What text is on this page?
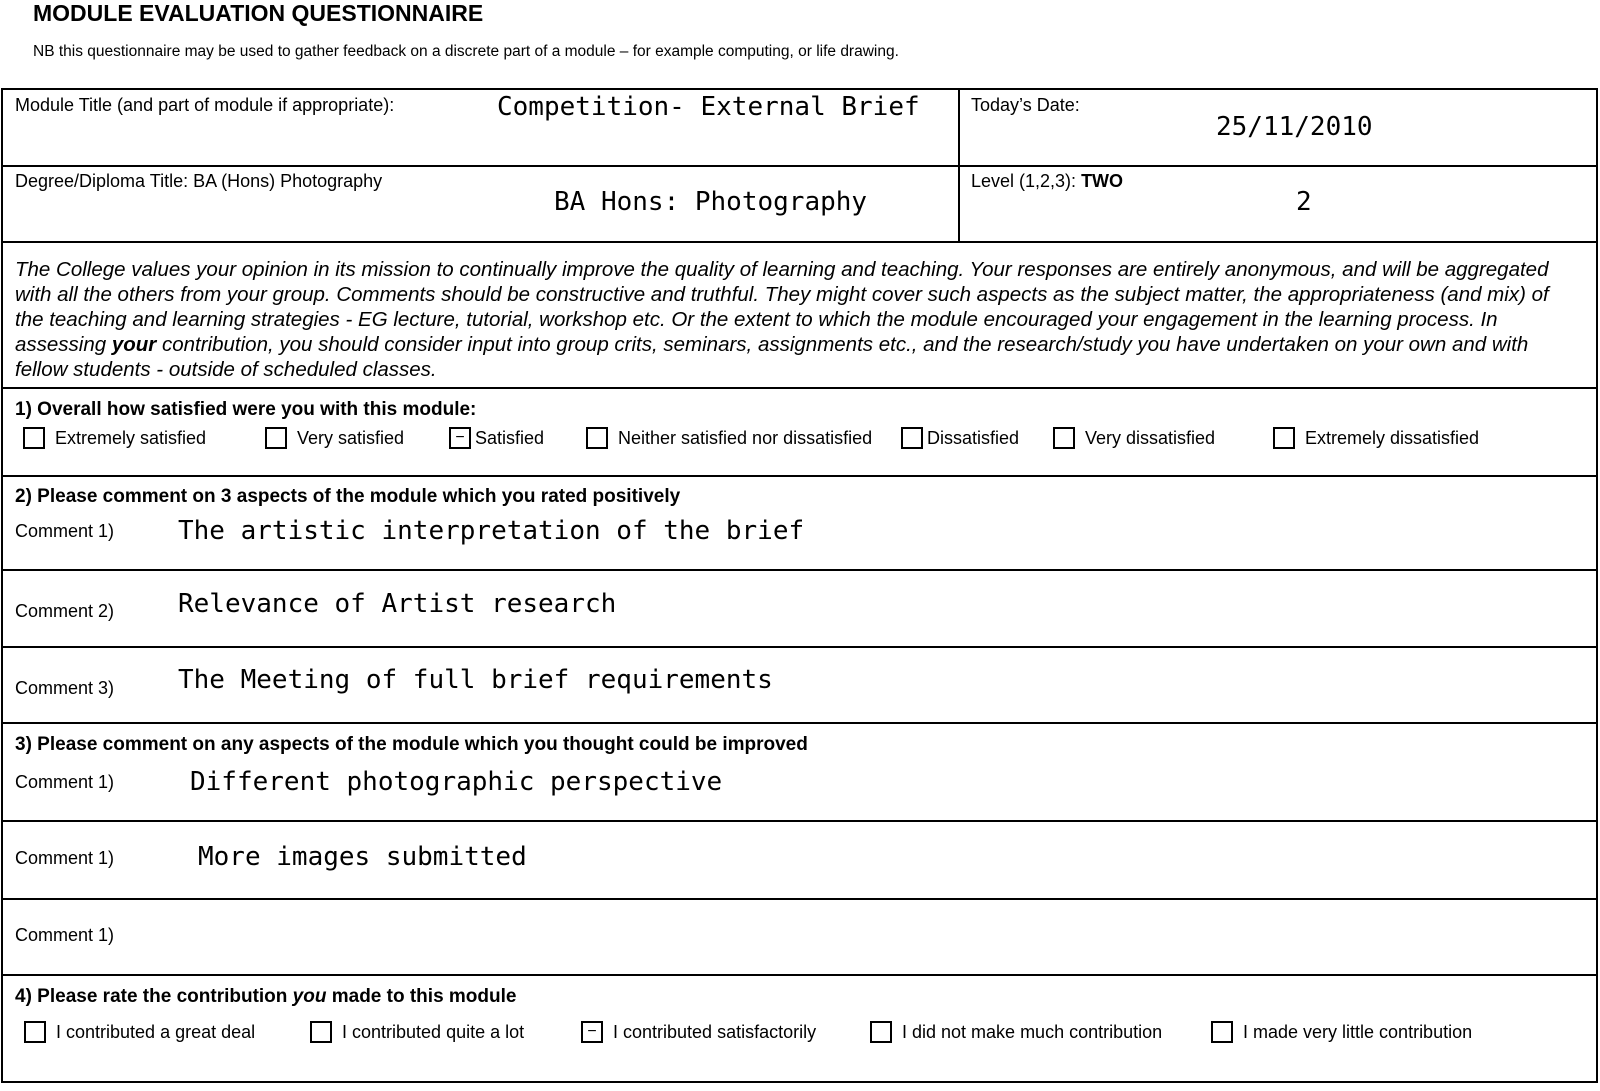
MODULE EVALUATION QUESTIONNAIRE
NB this questionnaire may be used to gather feedback on a discrete part of a module – for example computing, or life drawing.
Module Title (and part of module if appropriate):	Competition- External Brief	Today’s Date:
25/11/2010
Degree/Diploma Title: BA (Hons) Photography
BA Hons: Photography
Level (1,2,3): TWO
2
The College values your opinion in its mission to continually improve the quality of learning and teaching. Your responses are entirely anonymous, and will be aggregated with all the others from your group. Comments should be constructive and truthful. They might cover such aspects as the subject matter, the appropriateness (and mix) of the teaching and learning strategies - EG lecture, tutorial, workshop etc. Or the extent to which the module encouraged your engagement in the learning process. In assessing your contribution, you should consider input into group crits, seminars, assignments etc., and the research/study you have undertaken on your own and with fellow students - outside of scheduled classes.
1) Overall how satisfied were you with this module:
Extremely satisfied	Very satisfied	− Satisfied	Neither satisfied nor dissatisfied	Dissatisfied	Very dissatisfied	Extremely dissatisfied
2) Please comment on 3 aspects of the module which you rated positively
Comment 1) The artistic interpretation of the brief
Comment 2) Relevance of Artist research
Comment 3) The Meeting of full brief requirements
3) Please comment on any aspects of the module which you thought could be improved
Comment 1)	Different photographic perspective
Comment 1)	More images submitted
Comment 1)
4) Please rate the contribution you made to this module
I contributed a great deal	I contributed quite a lot	− I contributed satisfactorily	I did not make much contribution	I made very little contribution
